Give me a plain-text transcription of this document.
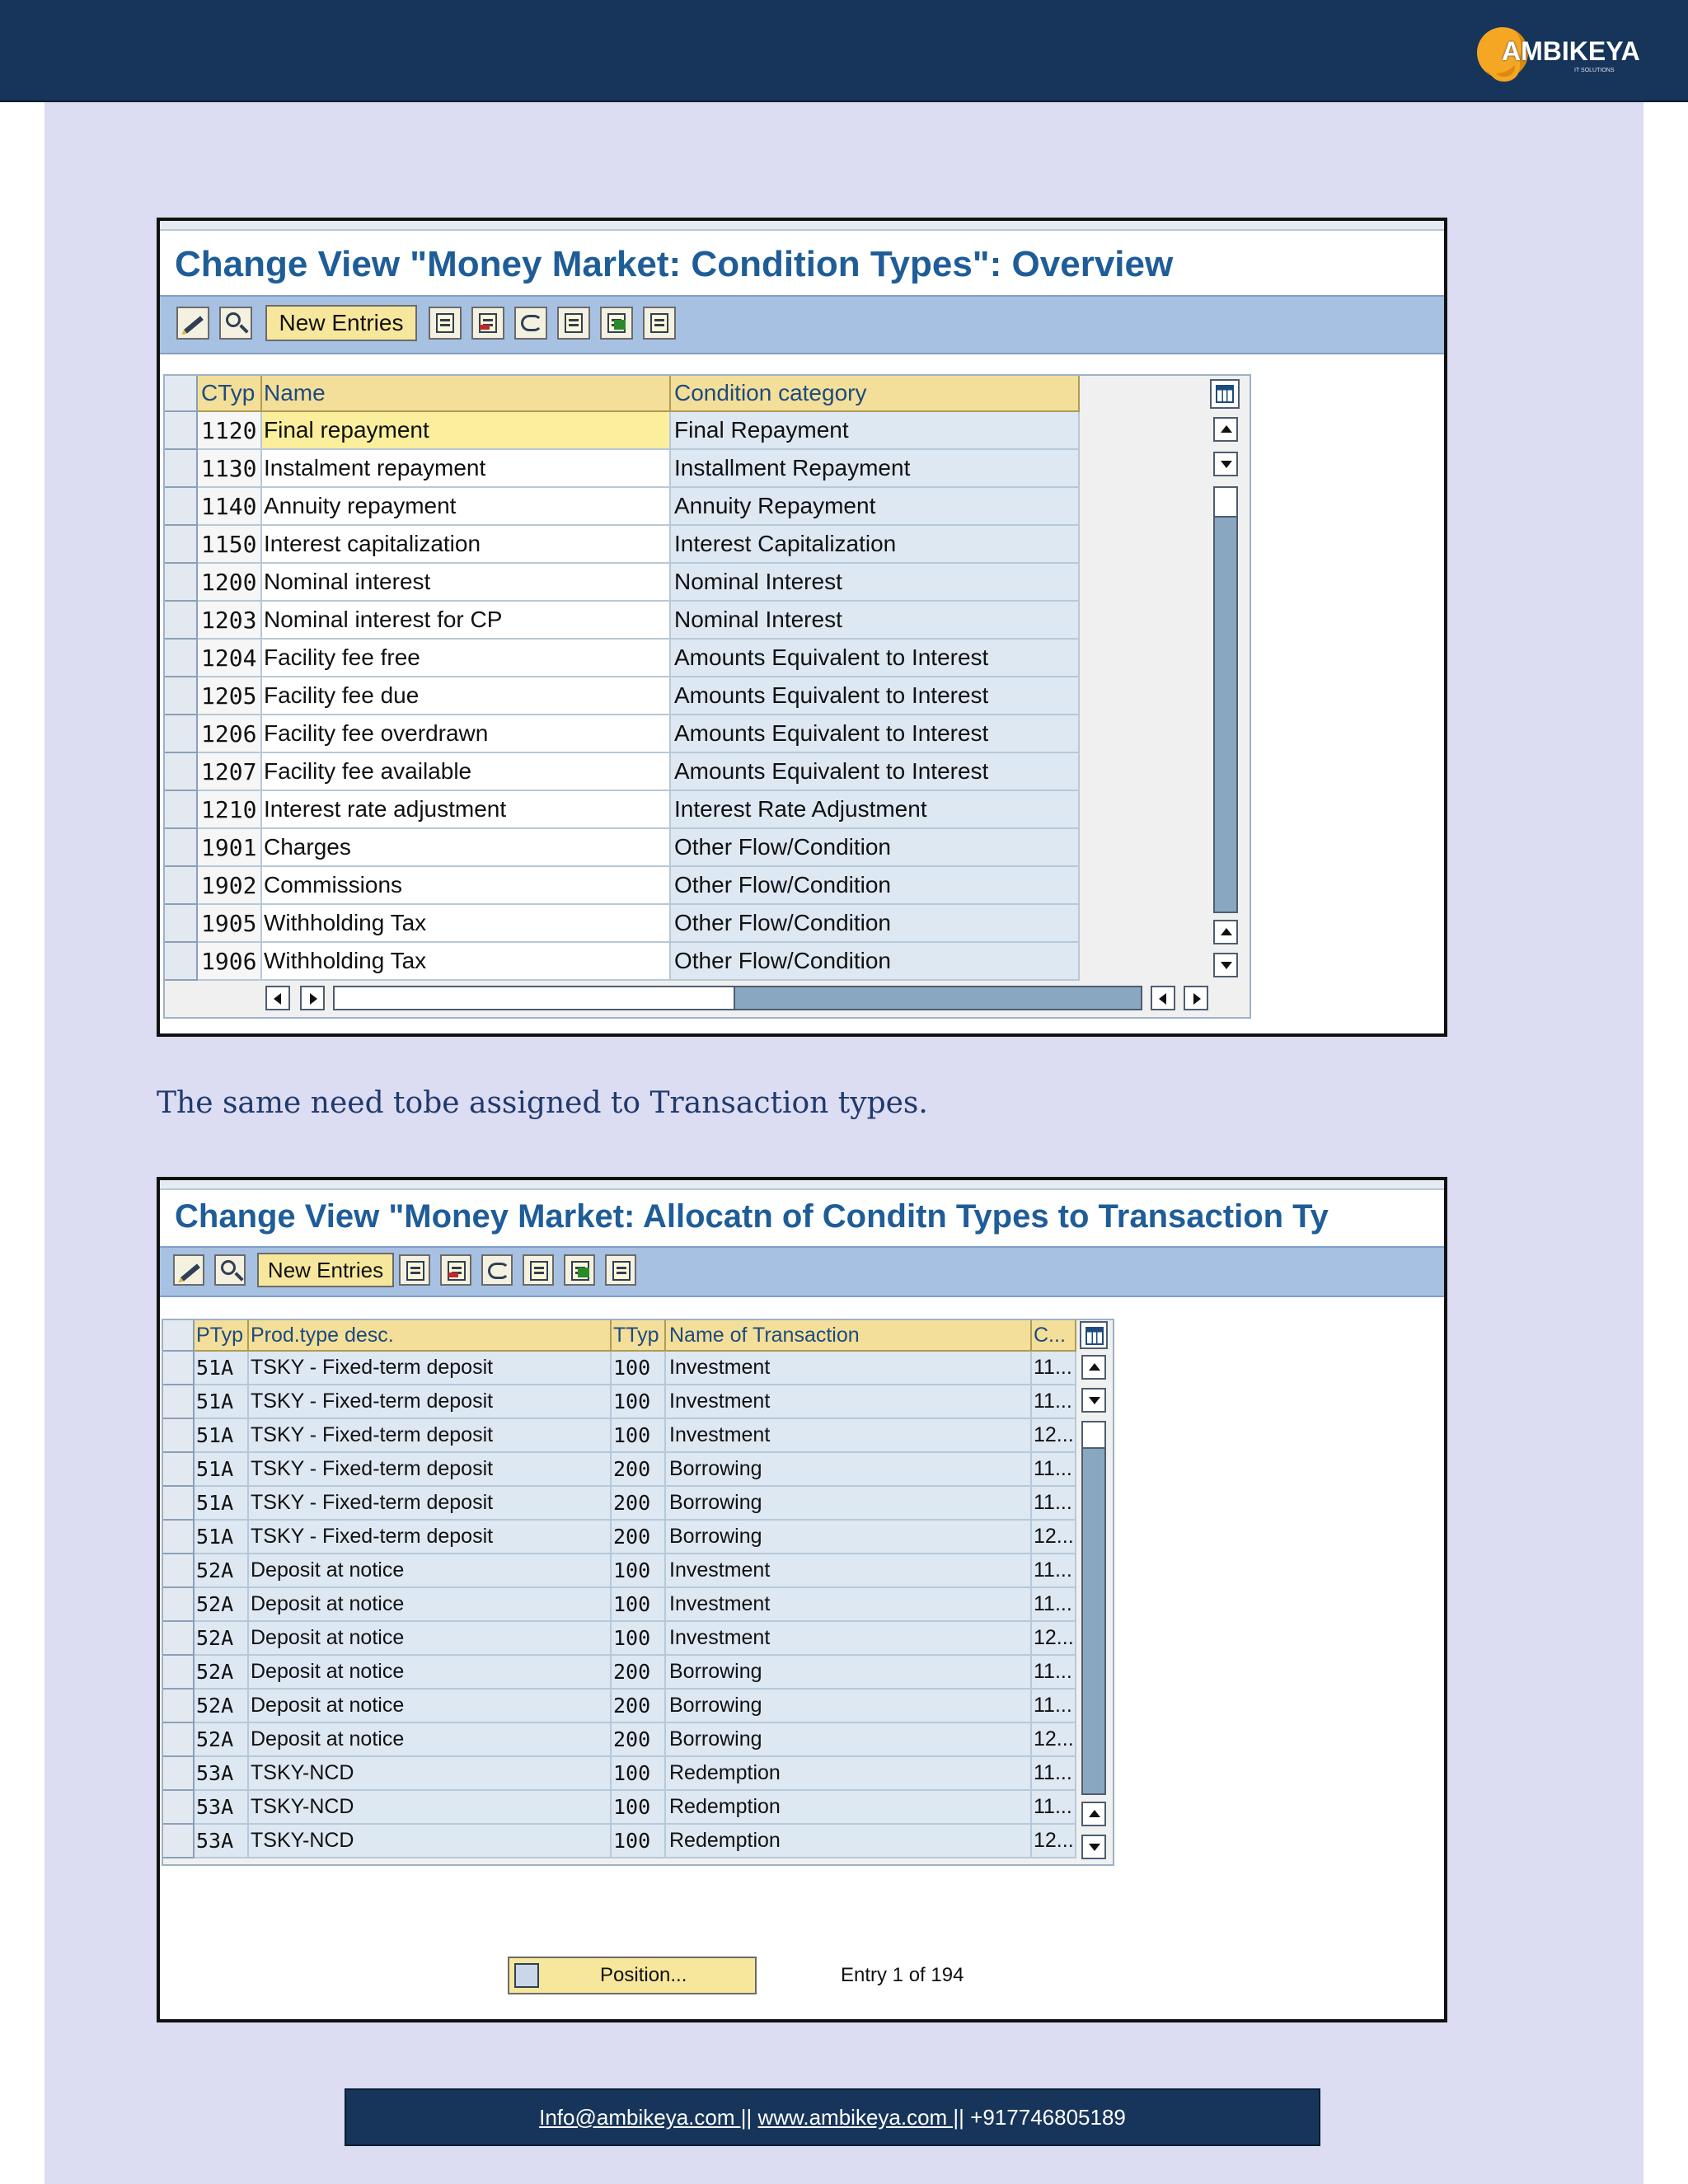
AMBIKEYA
IT SOLUTIONS
Change View "Money Market: Condition Types": Overview
New Entries
CTyp Name	Condition category
1120 Final repayment	Final Repayment
1130 Instalment repayment	Installment Repayment
1140 Annuity repayment	Annuity Repayment
1150 Interest capitalization	Interest Capitalization
1200 Nominal interest	Nominal Interest
1203 Nominal interest for CP	Nominal Interest
1204 Facility fee free	Amounts Equivalent to Interest
1205 Facility fee due	Amounts Equivalent to Interest
1206 Facility fee overdrawn	Amounts Equivalent to Interest
1207 Facility fee available	Amounts Equivalent to Interest
1210 Interest rate adjustment	Interest Rate Adjustment
1901 Charges	Other Flow/Condition
1902 Commissions	Other Flow/Condition
1905 Withholding Tax	Other Flow/Condition
1906 Withholding Tax	Other Flow/Condition
The same need tobe assigned to Transaction types.
Change View "Money Market: Allocatn of Conditn Types to Transaction Ty
New Entries
PTyp Prod.type desc.	TTyp Name of Transaction	C...
51A TSKY - Fixed-term deposit	100 Investment	11...
51A TSKY - Fixed-term deposit	100 Investment	11...
51A TSKY - Fixed-term deposit	100 Investment	12...
51A TSKY - Fixed-term deposit	200 Borrowing	11...
51A TSKY - Fixed-term deposit	200 Borrowing	11...
51A TSKY - Fixed-term deposit	200 Borrowing	12...
52A Deposit at notice	100 Investment	11...
52A Deposit at notice	100 Investment	11...
52A Deposit at notice	100 Investment	12...
52A Deposit at notice	200 Borrowing	11...
52A Deposit at notice	200 Borrowing	11...
52A Deposit at notice	200 Borrowing	12...
53A TSKY-NCD	100 Redemption	11...
53A TSKY-NCD	100 Redemption	11...
53A TSKY-NCD	100 Redemption	12...
Position...	Entry 1 of 194
Info@ambikeya.com ||
www.ambikeya.com ||
+917746805189
